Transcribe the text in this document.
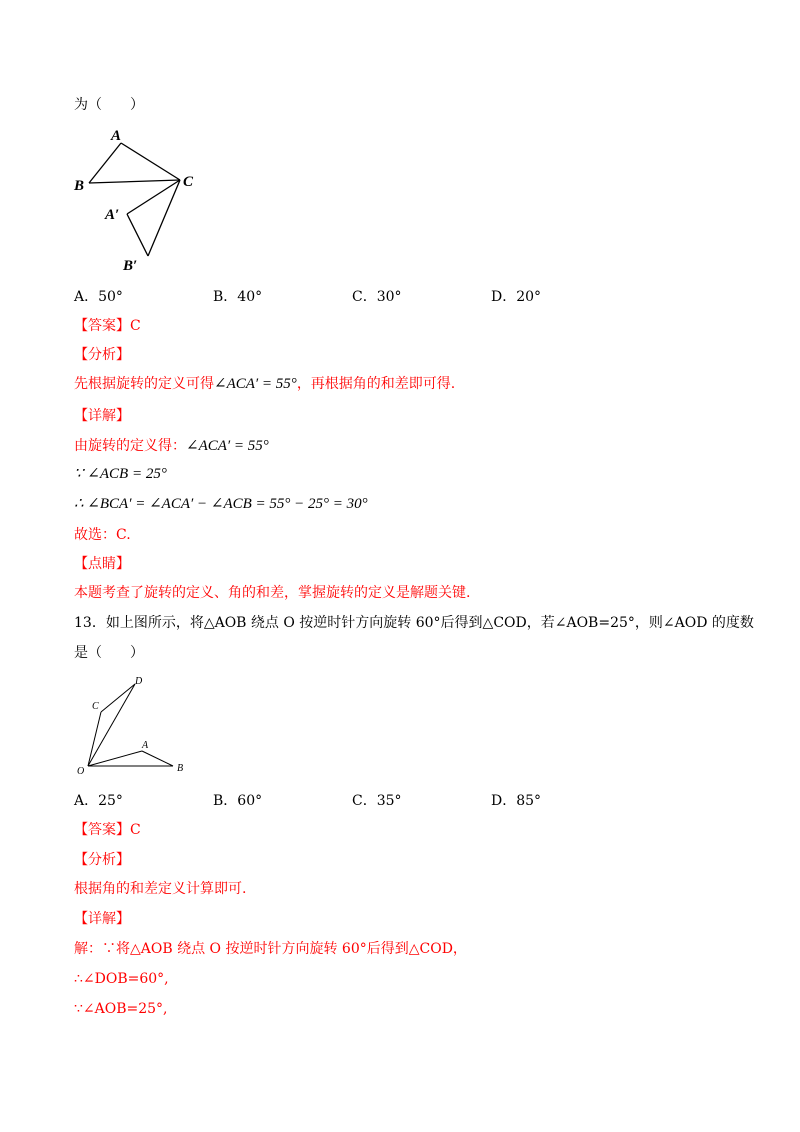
为（　　）
A
B	C
A′
B′
A．50°	B．40°	C．30°	D．20°
【答案】C
【分析】
先根据旋转的定义可得∠ACA′ = 55°，再根据角的和差即可得.
【详解】
由旋转的定义得：∠ACA′ = 55°
∵ ∠ACB = 25°
∴ ∠BCA′ = ∠ACA′ − ∠ACB = 55° − 25° = 30°
故选：C.
【点睛】
本题考查了旋转的定义、角的和差，掌握旋转的定义是解题关键.
13．如上图所示，将△AOB 绕点 O 按逆时针方向旋转 60°后得到△COD，若∠AOB=25°，则∠AOD 的度数
是（　　）
D
C
A
O	B
A．25°	B．60°	C．35°	D．85°
【答案】C
【分析】
根据角的和差定义计算即可.
【详解】
解：∵将△AOB 绕点 O 按逆时针方向旋转 60°后得到△COD，
∴∠DOB=60°,
∵∠AOB=25°,
